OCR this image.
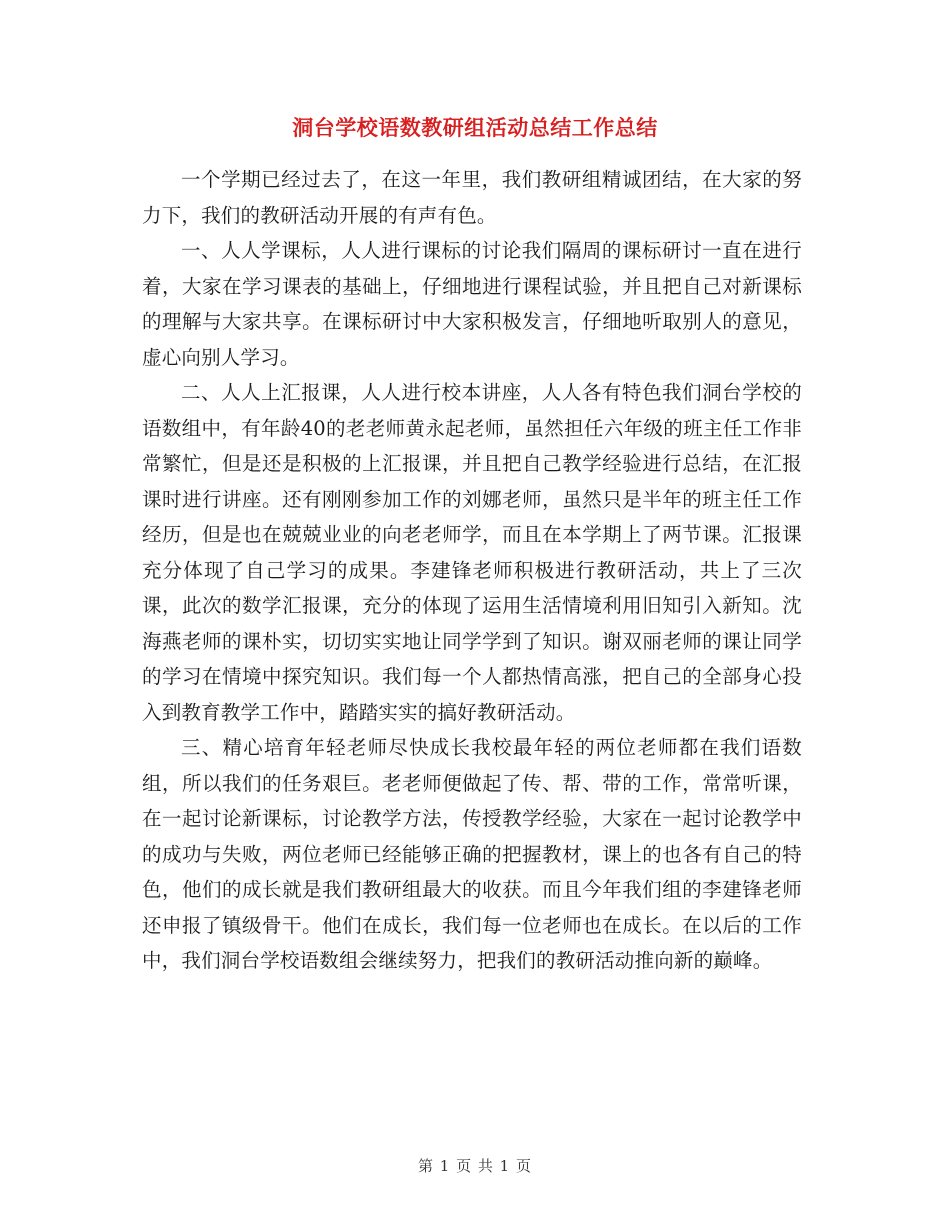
洞台学校语数教研组活动总结工作总结

一个学期已经过去了，在这一年里，我们教研组精诚团结，在大家的努力下，我们的教研活动开展的有声有色。

一、人人学课标，人人进行课标的讨论我们隔周的课标研讨一直在进行着，大家在学习课表的基础上，仔细地进行课程试验，并且把自己对新课标的理解与大家共享。在课标研讨中大家积极发言，仔细地听取别人的意见，虚心向别人学习。

二、人人上汇报课，人人进行校本讲座，人人各有特色我们洞台学校的语数组中，有年龄40的老老师黄永起老师，虽然担任六年级的班主任工作非常繁忙，但是还是积极的上汇报课，并且把自己教学经验进行总结，在汇报课时进行讲座。还有刚刚参加工作的刘娜老师，虽然只是半年的班主任工作经历，但是也在兢兢业业的向老老师学，而且在本学期上了两节课。汇报课充分体现了自己学习的成果。李建锋老师积极进行教研活动，共上了三次课，此次的数学汇报课，充分的体现了运用生活情境利用旧知引入新知。沈海燕老师的课朴实，切切实实地让同学学到了知识。谢双丽老师的课让同学的学习在情境中探究知识。我们每一个人都热情高涨，把自己的全部身心投入到教育教学工作中，踏踏实实的搞好教研活动。

三、精心培育年轻老师尽快成长我校最年轻的两位老师都在我们语数组，所以我们的任务艰巨。老老师便做起了传、帮、带的工作，常常听课，在一起讨论新课标，讨论教学方法，传授教学经验，大家在一起讨论教学中的成功与失败，两位老师已经能够正确的把握教材，课上的也各有自己的特色，他们的成长就是我们教研组最大的收获。而且今年我们组的李建锋老师还申报了镇级骨干。他们在成长，我们每一位老师也在成长。在以后的工作中，我们洞台学校语数组会继续努力，把我们的教研活动推向新的巅峰。

第 1 页 共 1 页
